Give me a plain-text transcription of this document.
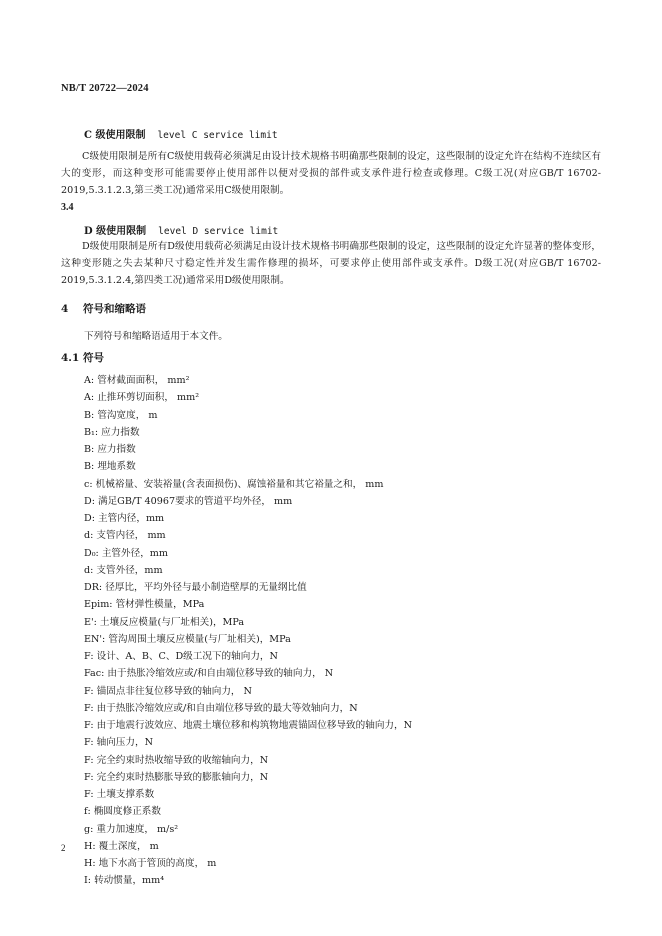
NB/T 20722—2024
C 级使用限制 level C service limit

C级使用限制是所有C级使用载荷必须满足由设计技术规格书明确那些限制的设定，这些限制的设定允许在结构不连续区有大的变形，而这种变形可能需要停止使用部件以便对受损的部件或支承件进行检查或修理。C级工况(对应GB/T 16702-2019,5.3.1.2.3,第三类工况)通常采用C级使用限制。

3.4
D 级使用限制 level D service limit

D级使用限制是所有D级使用载荷必须满足由设计技术规格书明确那些限制的设定，这些限制的设定允许显著的整体变形，这种变形随之失去某种尺寸稳定性并发生需作修理的损坏，可要求停止使用部件或支承件。D级工况(对应GB/T 16702-2019,5.3.1.2.4,第四类工况)通常采用D级使用限制。

4 符号和缩略语
下列符号和缩略语适用于本文件。
4.1 符号
A: 管材截面面积， mm²
A: 止推环剪切面积， mm²
B: 管沟宽度， m
B₁: 应力指数
B: 应力指数
B: 埋地系数
c: 机械裕量、安装裕量(含表面损伤)、腐蚀裕量和其它裕量之和， mm
D: 满足GB/T 40967要求的管道平均外径， mm
D: 主管内径，mm
d: 支管内径， mm
D₀: 主管外径，mm
d: 支管外径，mm
DR: 径厚比，平均外径与最小制造壁厚的无量纲比值
Epim: 管材弹性模量，MPa
E': 土壤反应模量(与厂址相关)，MPa
EN': 管沟周围土壤反应模量(与厂址相关)，MPa
F: 设计、A、B、C、D级工况下的轴向力，N
Fac: 由于热胀冷缩效应或/和自由端位移导致的轴向力， N
F: 锚固点非往复位移导致的轴向力， N
F: 由于热胀冷缩效应或/和自由端位移导致的最大等效轴向力，N
F: 由于地震行波效应、地震土壤位移和构筑物地震锚固位移导致的轴向力，N
F: 轴向压力，N
F: 完全约束时热收缩导致的收缩轴向力，N
F: 完全约束时热膨胀导致的膨胀轴向力，N
F: 土壤支撑系数
f: 椭圆度修正系数
g: 重力加速度， m/s²
H: 覆土深度， m
H: 地下水高于管顶的高度， m
I: 转动惯量，mm⁴
2
